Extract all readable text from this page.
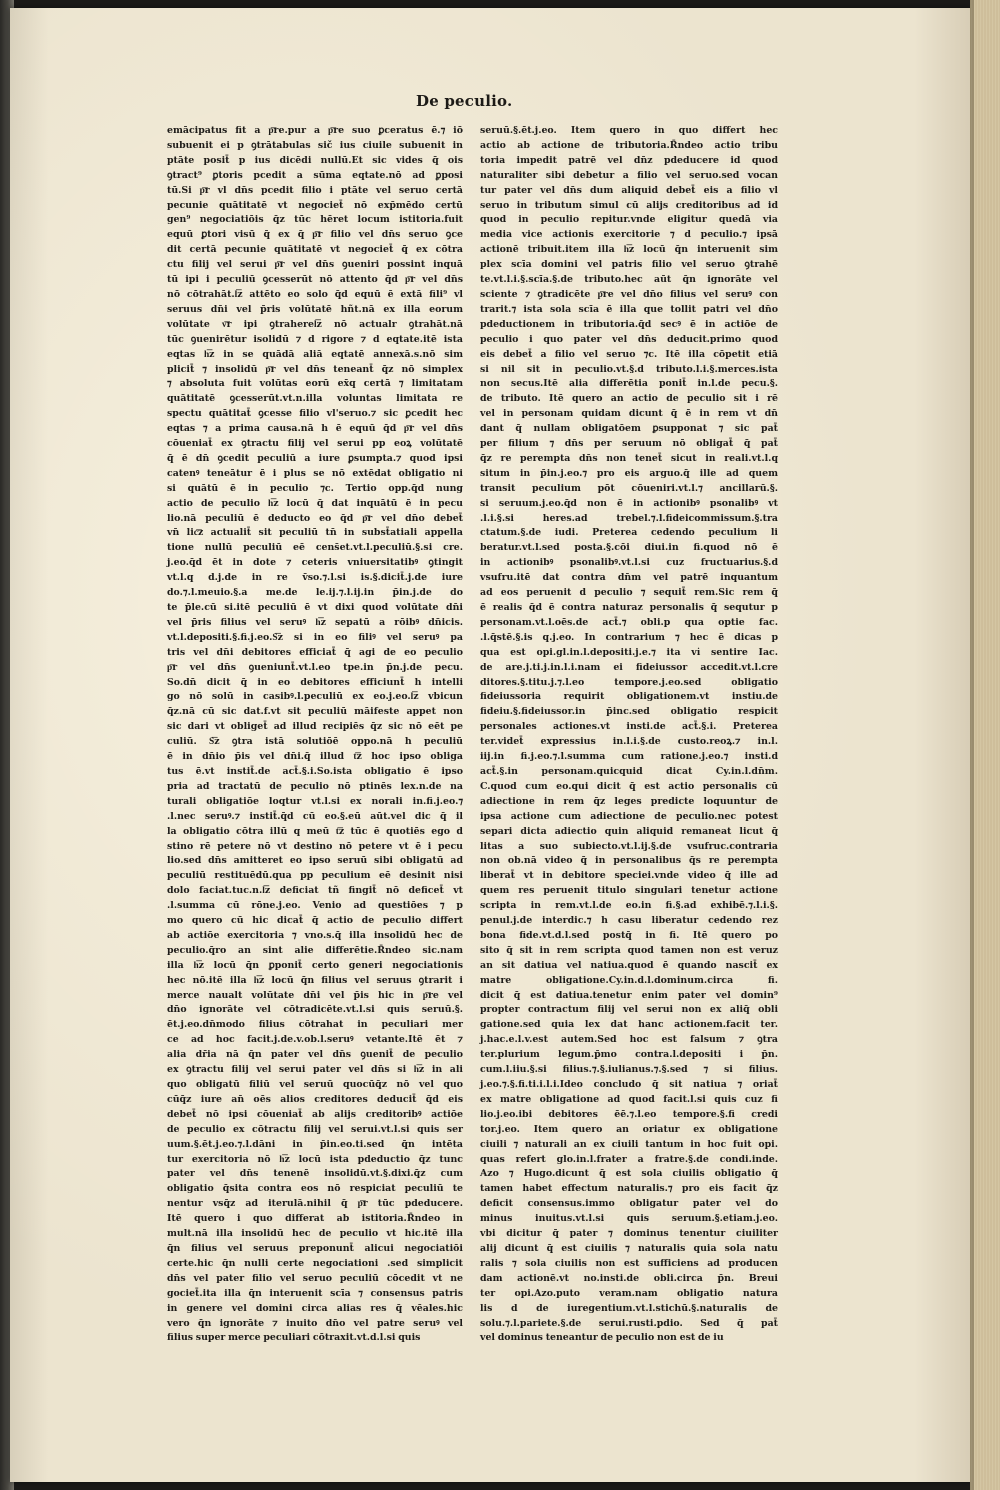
De peculio.
emācipatus fit a p͞re.pur a p͞re suo ꝑceratus ē.⁊ iō
subuenit ei p ꝯtrātabulas sič ius ciuile subuenit in
ptāte posit̄ p ius dicēdi nullū.Et sic vides q̄ ois
ꝯtract⁹ ꝑtoris pcedit a sūma eqtate.nō ad ꝑposi
tū.Si p͞r vl dn̄s pcedit filio i ptāte vel seruo certā
pecunie quātitatē vt negociet̄ nō exp̄mēdo certū
gen⁹ negociatiōis q̄z tūc hēret locum istitoria.fuit
equū ꝑtori visū q̄ ex q̄ p͞r filio vel dn̄s seruo ꝯce
dit certā pecunie quātitatē vt negociet̄ q̄ ex cōtra
ctu filij vel serui p͞r vel dn̄s ꝯueniri possint inquā
tū ipi i peculiū ꝯcesserūt nō attento q̄d p͞r vel dn̄s
nō cōtrahāt.l͞z attēto eo solo q̄d equū ē extā fili⁹ vl
seruus dn̄i vel p̄ris volūtatē hñt.nā ex illa eorum
volūtate v͞r ipi ꝯtraherel͞z nō actualr ꝯtrahāt.nā
tūc ꝯuenirētur isolidū ⁊ d rigore ⁊ d eqtate.itē ista
eqtas h͞z in se quādā aliā eqtatē annexā.s.nō sim
plicit̄ ⁊ insolidū p͞r vel dn̄s teneant̄ q̄z nō simplex
⁊ absoluta fuit volūtas eorū ex̄q certā ⁊ limitatam
quātitatē ꝯcesserūt.vt.n.illa voluntas limitata re
spectu quātitat̄ ꝯcesse filio vl'seruo.⁊ sic ꝑcedit hec
eqtas ⁊ a prima causa.nā h ē equū q̄d p͞r vel dn̄s
cōueniat̄ ex ꝯtractu filij vel serui pp eoꝝ volūtatē
q̄ ē dn̄ ꝯcedit peculiū a iure ꝑsumpta.⁊ quod ipsi
catenꝰ teneātur ē i plus se nō extēdat obligatio ni
si quātū ē in peculio ⁊c. Tertio opp.q̄d nung
actio de peculio h͞z locū q̄ dat inquātū ē in pecu
lio.nā peculiū ē deducto eo q̄d p͞r vel dn̄o debet̄
vn̄ lic͞z actualit̄ sit peculiū tn̄ in subst̄atiali appella
tione nullū peculiū eē cens̄et.vt.l.peculiū.§.si cre.
j.eo.q̄d ēt in dote ⁊ ceteris vniuersitatibꝰ ꝯtingit
vt.l.q d.j.de in re v̄so.⁊.l.si is.§.dicit̄.j.de iure
do.⁊.l.meuio.§.a me.de le.ij.⁊.l.ij.in p̄in.j.de do
te p̄le.cū si.itē peculiū ē vt dixi quod volūtate dn̄i
vel p̄ris filius vel seruꝰ h͞z sepatū a rōibꝰ dn̄icis.
vt.l.depositi.§.fi.j.eo.S͞z si in eo filiꝰ vel seruꝰ pa
tris vel dn̄i debitores efficiat̄ q̄ agi de eo peculio
p͞r vel dn̄s ꝯueniunt̄.vt.l.eo tpe.in p̄n.j.de pecu.
So.dn̄ dicit q̄ in eo debitores efficiunt̄ h intelli
go nō solū in casibꝰ.l.peculiū ex eo.j.eo.l͞z vbicun
q̄z.nā cū sic dat.f.vt sit peculiū māifeste appet non
sic dari vt obliget̄ ad illud recipiēs q̄z sic nō eēt pe
culiū. S͞z ꝯtra istā solutiōē oppo.nā h peculiū
ē in dn̄io p̄is vel dn̄i.q̄ illud t͞z hoc ipso obliga
tus ē.vt instit̄.de act̄.§.i.So.ista obligatio ē ipso
pria ad tractatū de peculio nō ptinēs lex.n.de na
turali obligatiōe loqtur vt.l.si ex norali in.fi.j.eo.⁊
.l.nec seruꝰ.⁊ instit̄.q̄d cū eo.§.eū aūt.vel dic q̄ il
la obligatio cōtra illū q meū t͞z tūc ē quotiēs ego d
stino rē petere nō vt destino nō petere vt ē i pecu
lio.sed dn̄s amitteret eo ipso seruū sibi obligatū ad
peculiū restituēdū.qua pp peculium eē desinit nisi
dolo faciat.tuc.n.l͞z deficiat tñ fingit̄ nō deficet̄ vt
.l.summa cū rōne.j.eo. Venio ad questiōes ⁊ p
mo quero cū hic dicat̄ q̄ actio de peculio differt
ab actiōe exercitoria ⁊ vno.s.q̄ illa insolidū hec de
peculio.q̄ro an sint alie differētie.R̄ndeo sic.nam
illa h͞z locū q̄n ꝑponit̄ certo generi negociationis
hec nō.itē illa h͞z locū q̄n filius vel seruus ꝯtrarit i
merce naualt volūtate dn̄i vel p̄is hic in p͞re vel
dn̄o ignorāte vel cōtradicēte.vt.l.si quis seruū.§.
ēt.j.eo.dn̄modo filius cōtrahat in peculiari mer
ce ad hoc facit.j.de.v.ob.l.seruꝰ vetante.Itē ēt ⁊
alia dr̄ia nā q̄n pater vel dn̄s ꝯuenit̄ de peculio
ex ꝯtractu filij vel serui pater vel dn̄s si h͞z in ali
quo obligatū filiū vel seruū quocūq̄z nō vel quo
cūq̄z iure an̄ oēs alios creditores deducit̄ q̄d eis
debet̄ nō ipsi cōueniat̄ ab alijs creditoribꝰ actiōe
de peculio ex cōtractu filij vel serui.vt.l.si quis ser
uum.§.ēt.j.eo.⁊.l.dāni in p̄in.eo.ti.sed q̄n intēta
tur exercitoria nō h͞z locū ista pdeductio q̄z tunc
pater vel dn̄s tenenē insolidū.vt.§.dixi.q̄z cum
obligatio q̄sita contra eos nō respiciat peculiū te
nentur vsq̄z ad iterulā.nihil q̄ p͞r tūc pdeducere.
Itē quero i quo differat ab istitoria.R̄ndeo in
mult.nā illa insolidū hec de peculio vt hic.itē illa
q̄n filius vel seruus preponunt̄ alicui negociatiōi
certe.hic q̄n nulli certe negociationi .sed simplicit
dn̄s vel pater filio vel seruo peculiū cōcedit vt ne
gociet̄.ita illa q̄n interuenit scīa ⁊ consensus patris
in genere vel domini circa alias res q̄ vēales.hic
vero q̄n ignorāte ⁊ inuito dn̄o vel patre seruꝰ vel
filius super merce peculiari cōtraxit.vt.d.l.si quis
seruū.§.ēt.j.eo. Item quero in quo differt hec
actio ab actione de tributoria.R̄ndeo actio tribu
toria impedit patrē vel dn̄z pdeducere id quod
naturaliter sibi debetur a filio vel seruo.sed vocan
tur pater vel dn̄s dum aliquid debet̄ eis a filio vl
seruo in tributum simul cū alijs creditoribus ad id
quod in peculio repitur.vnde eligitur quedā via
media vice actionis exercitorie ⁊ d peculio.⁊ ipsā
actionē tribuit.item illa h͞z locū q̄n interuenit sim
plex scīa domini vel patris filio vel seruo ꝯtrahē
te.vt.l.i.§.scīa.§.de tributo.hec aūt q̄n ignorāte vel
sciente ⁊ ꝯtradicēte p͞re vel dn̄o filius vel seruꝰ con
trarit.⁊ ista sola scīa ē illa que tollit patri vel dn̄o
pdeductionem in tributoria.q̄d secꝰ ē in actiōe de
peculio i quo pater vel dn̄s deducit.primo quod
eis debet̄ a filio vel seruo ⁊c. Itē illa cōpetit etiā
si nil sit in peculio.vt.§.d tributo.l.i.§.merces.ista
non secus.Itē alia differētia ponit̄ in.l.de pecu.§.
de tributo. Itē quero an actio de peculio sit i rē
vel in personam quidam dicunt q̄ ē in rem vt dn̄
dant q̄ nullam obligatōem ꝑsupponat ⁊ sic pat̄
per filium ⁊ dn̄s per seruum nō obligat̄ q̄ pat̄
q̄z re perempta dn̄s non tenet̄ sicut in reali.vt.l.q
situm in p̄in.j.eo.⁊ pro eis arguo.q̄ ille ad quem
transit peculium pōt cōueniri.vt.l.⁊ ancillarū.§.
si seruum.j.eo.q̄d non ē in actionibꝰ psonalibꝰ vt
.l.i.§.si heres.ad trebel.⁊.l.fideicommissum.§.tra
ctatum.§.de iudi. Preterea cedendo peculium li
beratur.vt.l.sed posta.§.cōi diui.in fi.quod nō ē
in actionibꝰ psonalibꝰ.vt.l.si cuz fructuarius.§.d
vsufru.itē dat contra dn̄m vel patrē inquantum
ad eos peruenit d peculio ⁊ sequit̄ rem.Sic rem q̄
ē realis q̄d ē contra naturaz personalis q̄ sequtur p
personam.vt.l.oēs.de act̄.⁊ obli.p qua optie fac.
.l.q̄stē.§.is q.j.eo. In contrarium ⁊ hec ē dicas p
qua est opi.gl.in.l.depositi.j.e.⁊ ita vi̇ sentire Iac.
de are.j.ti.j.in.l.i.nam ei fideiussor accedit.vt.l.cre
ditores.§.titu.j.⁊.l.eo tempore.j.eo.sed obligatio
fideiussoria requirit obligationem.vt instiu.de
fideiu.§.fideiussor.in p̄inc.sed obligatio respicit
personales actiones.vt insti.de act̄.§.i. Preterea
ter.videt̄ expressius in.l.i.§.de custo.reoꝝ.⁊ in.l.
iij.in fi.j.eo.⁊.l.summa cum ratione.j.eo.⁊ insti.d
act̄.§.in personam.quicquid dicat Cy.in.l.dn̄m.
C.quod cum eo.qui dicit q̄ est actio personalis cū
adiectione in rem q̄z leges predicte loquuntur de
ipsa actione cum adiectione de peculio.nec potest
separi dicta adiectio quin aliquid remaneat licut q̄
litas a suo subiecto.vt.l.ij.§.de vsufruc.contraria
non ob.nā video q̄ in personalibus q̄s re perempta
liberat̄ vt in debitore speciei.vnde video q̄ ille ad
quem res peruenit titulo singulari tenetur actione
scripta in rem.vt.l.de eo.in fi.§.ad exhibē.⁊.l.i.§.
penul.j.de interdic.⁊ h casu liberatur cedendo rez
bona fide.vt.d.l.sed postq̄ in fi. Itē quero po
sito q̄ sit in rem scripta quod tamen non est veruz
an sit datiua vel natiua.quod ē quando nascit̄ ex
matre obligatione.Cy.in.d.l.dominum.circa fi.
dicit q̄ est datiua.tenetur enim pater vel domin⁹
propter contractum filij vel serui non ex aliq̄ obli
gatione.sed quia lex dat hanc actionem.facit ter.
j.hac.e.l.v.est autem.Sed hoc est falsum ⁊ ꝯtra
ter.plurium legum.p̄mo contra.l.depositi i p̄n.
cum.l.iiu.§.si filius.⁊.§.iulianus.⁊.§.sed ⁊ si filius.
j.eo.⁊.§.fi.ti.i.l.i.Ideo concludo q̄ sit natiua ⁊ oriat̄
ex matre obligatione ad quod facit.l.si quis cuz fi
lio.j.eo.ibi debitores ēē.⁊.l.eo tempore.§.fi credi
tor.j.eo. Item quero an oriatur ex obligatione
ciuili ⁊ naturali an ex ciuili tantum in hoc fuit opi.
quas refert glo.in.l.frater a fratre.§.de condi.inde.
Azo ⁊ Hugo.dicunt q̄ est sola ciuilis obligatio q̄
tamen habet effectum naturalis.⁊ pro eis facit q̄z
deficit consensus.immo obligatur pater vel do
minus inuitus.vt.l.si quis seruum.§.etiam.j.eo.
vbi dicitur q̄ pater ⁊ dominus tenentur ciuiliter
alij dicunt q̄ est ciuilis ⁊ naturalis quia sola natu
ralis ⁊ sola ciuilis non est sufficiens ad producen
dam actionē.vt no.insti.de obli.circa p̄n. Breui
ter opi.Azo.puto veram.nam obligatio natura
lis d de iuregentium.vt.l.stichū.§.naturalis de
solu.⁊.l.pariete.§.de serui.rusti.pdio. Sed q̄ pat̄
vel dominus teneantur de peculio non est de iu
